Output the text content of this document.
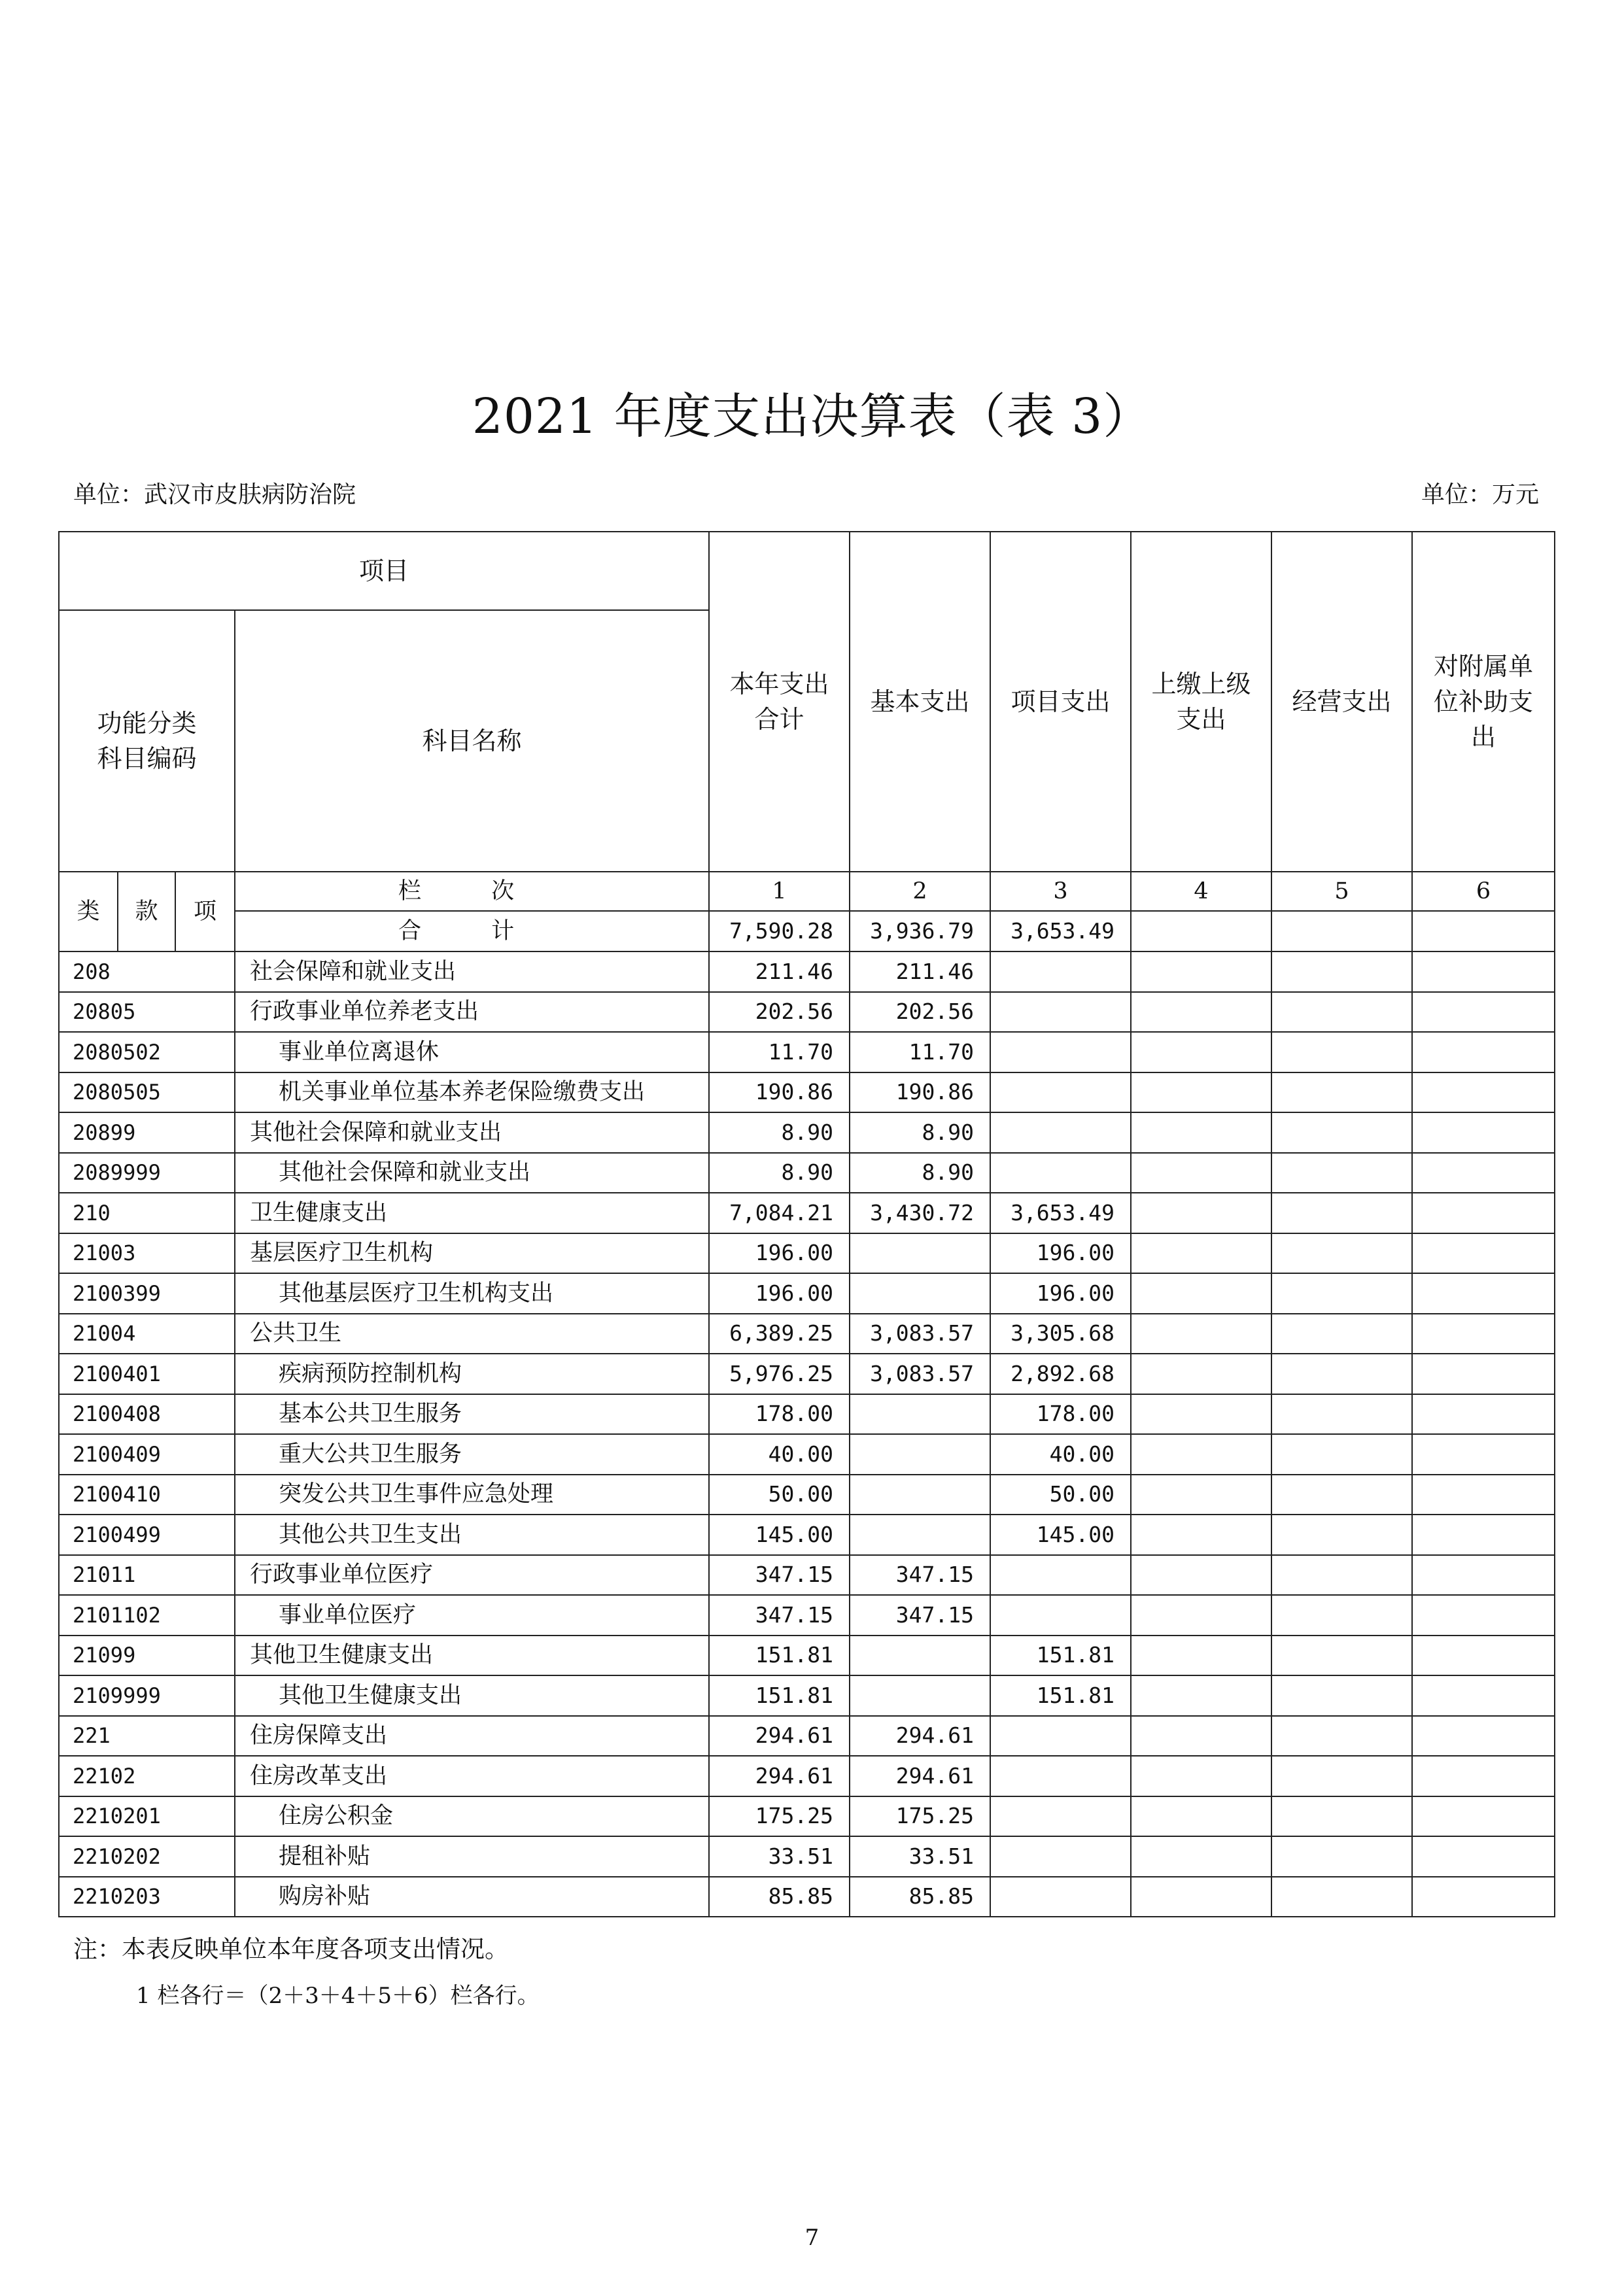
2021 年度支出决算表（表 3）
单位：武汉市皮肤病防治院	单位：万元
项目				本年支出合计	基本支出	项目支出	上缴上级支出	经营支出	对附属单位补助支出
功能分类科目编码			科目名称						
类	款	项	栏 次	1	2	3	4	5	6
			合 计	7,590.28	3,936.79	3,653.49			
208			社会保障和就业支出	211.46	211.46				
20805			行政事业单位养老支出	202.56	202.56				
2080502			事业单位离退休	11.70	11.70				
2080505			机关事业单位基本养老保险缴费支出	190.86	190.86				
20899			其他社会保障和就业支出	8.90	8.90				
2089999			其他社会保障和就业支出	8.90	8.90				
210			卫生健康支出	7,084.21	3,430.72	3,653.49			
21003			基层医疗卫生机构	196.00		196.00			
2100399			其他基层医疗卫生机构支出	196.00		196.00			
21004			公共卫生	6,389.25	3,083.57	3,305.68			
2100401			疾病预防控制机构	5,976.25	3,083.57	2,892.68			
2100408			基本公共卫生服务	178.00		178.00			
2100409			重大公共卫生服务	40.00		40.00			
2100410			突发公共卫生事件应急处理	50.00		50.00			
2100499			其他公共卫生支出	145.00		145.00			
21011			行政事业单位医疗	347.15	347.15				
2101102			事业单位医疗	347.15	347.15				
21099			其他卫生健康支出	151.81		151.81			
2109999			其他卫生健康支出	151.81		151.81			
221			住房保障支出	294.61	294.61				
22102			住房改革支出	294.61	294.61				
2210201			住房公积金	175.25	175.25				
2210202			提租补贴	33.51	33.51				
2210203			购房补贴	85.85	85.85				
注：本表反映单位本年度各项支出情况。
1 栏各行＝（2＋3＋4＋5＋6）栏各行。
7
